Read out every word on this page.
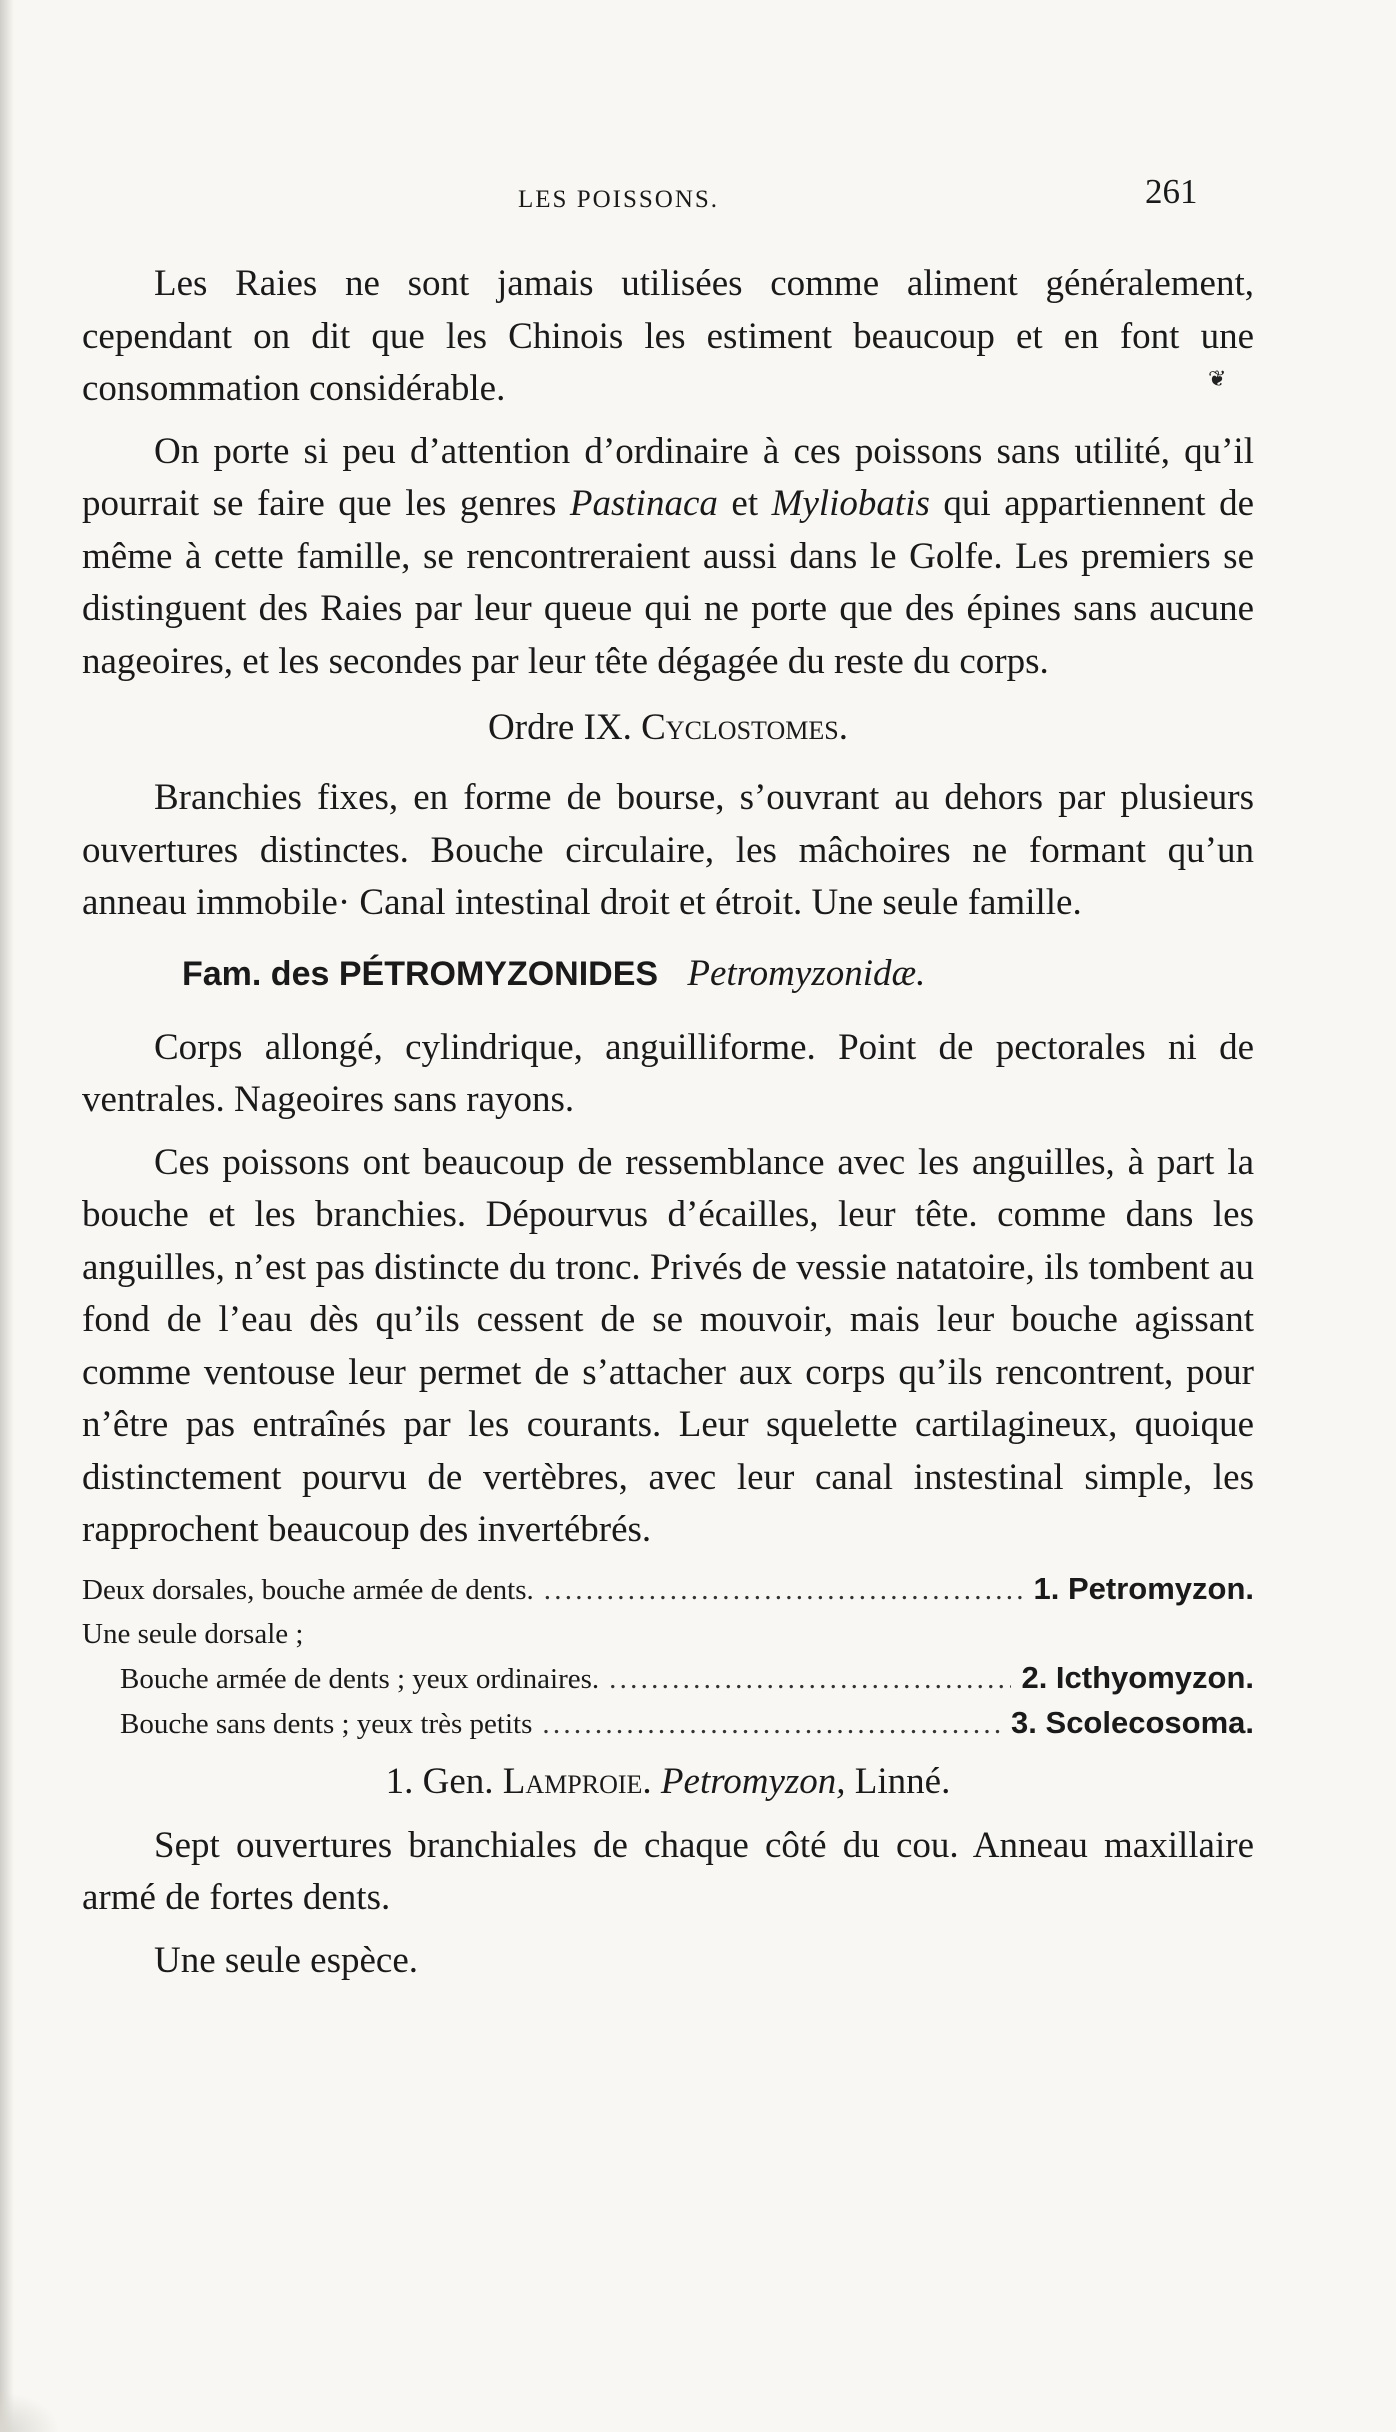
LES POISSONS.	261
❦

Les Raies ne sont jamais utilisées comme aliment généralement, cependant on dit que les Chinois les estiment beaucoup et en font une consommation considérable.

On porte si peu d’attention d’ordinaire à ces poissons sans utilité, qu’il pourrait se faire que les genres Pastinaca et Myliobatis qui appartiennent de même à cette famille, se rencontreraient aussi dans le Golfe. Les premiers se distinguent des Raies par leur queue qui ne porte que des épines sans aucune nageoires, et les secondes par leur tête dégagée du reste du corps.

Ordre IX. Cyclostomes.

Branchies fixes, en forme de bourse, s’ouvrant au dehors par plusieurs ouvertures distinctes. Bouche circulaire, les mâchoires ne formant qu’un anneau immobile· Canal intestinal droit et étroit. Une seule famille.

Fam. des PÉTROMYZONIDES Petromyzonidæ.

Corps allongé, cylindrique, anguilliforme. Point de pectorales ni de ventrales. Nageoires sans rayons.

Ces poissons ont beaucoup de ressemblance avec les anguilles, à part la bouche et les branchies. Dépourvus d’écailles, leur tête. comme dans les anguilles, n’est pas distincte du tronc. Privés de vessie natatoire, ils tombent au fond de l’eau dès qu’ils cessent de se mouvoir, mais leur bouche agissant comme ventouse leur permet de s’attacher aux corps qu’ils rencontrent, pour n’être pas entraînés par les courants. Leur squelette cartilagineux, quoique distinctement pourvu de vertèbres, avec leur canal instestinal simple, les rapprochent beaucoup des invertébrés.

Deux dorsales, bouche armée de dents. . . .	1. Petromyzon.
Une seule dorsale ;
Bouche armée de dents ; yeux ordinaires. . . .	2. Icthyomyzon.
Bouche sans dents ; yeux très petits . . .	3. Scolecosoma.
1. Gen. Lamproie. Petromyzon, Linné.

Sept ouvertures branchiales de chaque côté du cou. Anneau maxillaire armé de fortes dents.

Une seule espèce.
